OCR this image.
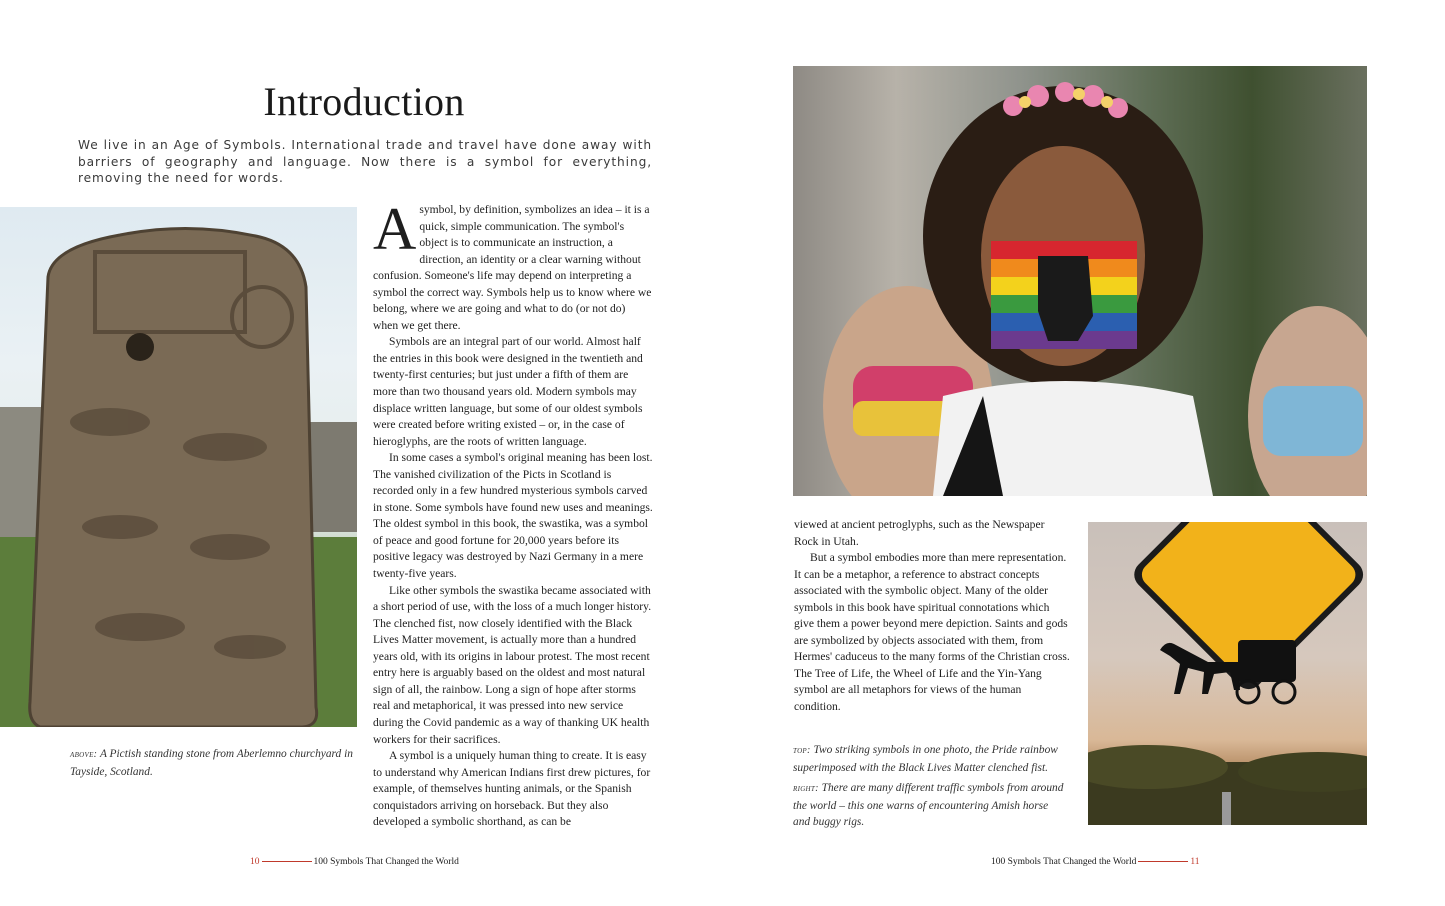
Introduction

We live in an Age of Symbols. International trade and travel have done away with barriers of geography and language. Now there is a symbol for everything, removing the need for words.

Asymbol, by definition, symbolizes an idea – it is a quick, simple communication. The symbol's object is to communicate an instruction, a direction, an identity or a clear warning without confusion. Someone's life may depend on interpreting a symbol the correct way. Symbols help us to know where we belong, where we are going and what to do (or not do) when we get there.

Symbols are an integral part of our world. Almost half the entries in this book were designed in the twentieth and twenty-first centuries; but just under a fifth of them are more than two thousand years old. Modern symbols may displace written language, but some of our oldest symbols were created before writing existed – or, in the case of hieroglyphs, are the roots of written language.

In some cases a symbol's original meaning has been lost. The vanished civilization of the Picts in Scotland is recorded only in a few hundred mysterious symbols carved in stone. Some symbols have found new uses and meanings. The oldest symbol in this book, the swastika, was a symbol of peace and good fortune for 20,000 years before its positive legacy was destroyed by Nazi Germany in a mere twenty-five years.

Like other symbols the swastika became associated with a short period of use, with the loss of a much longer history. The clenched fist, now closely identified with the Black Lives Matter movement, is actually more than a hundred years old, with its origins in labour protest. The most recent entry here is arguably based on the oldest and most natural sign of all, the rainbow. Long a sign of hope after storms real and metaphorical, it was pressed into new service during the Covid pandemic as a way of thanking UK health workers for their sacrifices.

A symbol is a uniquely human thing to create. It is easy to understand why American Indians first drew pictures, for example, of themselves hunting animals, or the Spanish conquistadors arriving on horseback. But they also developed a symbolic shorthand, as can be

above: A Pictish standing stone from Aberlemno churchyard in Tayside, Scotland.

viewed at ancient petroglyphs, such as the Newspaper Rock in Utah.

But a symbol embodies more than mere representation. It can be a metaphor, a reference to abstract concepts associated with the symbolic object. Many of the older symbols in this book have spiritual connotations which give them a power beyond mere depiction. Saints and gods are symbolized by objects associated with them, from Hermes' caduceus to the many forms of the Christian cross. The Tree of Life, the Wheel of Life and the Yin-Yang symbol are all metaphors for views of the human condition.

top: Two striking symbols in one photo, the Pride rainbow superimposed with the Black Lives Matter clenched fist.

right: There are many different traffic symbols from around the world – this one warns of encountering Amish horse and buggy rigs.

10	100 Symbols That Changed the World	100 Symbols That Changed the World	11
